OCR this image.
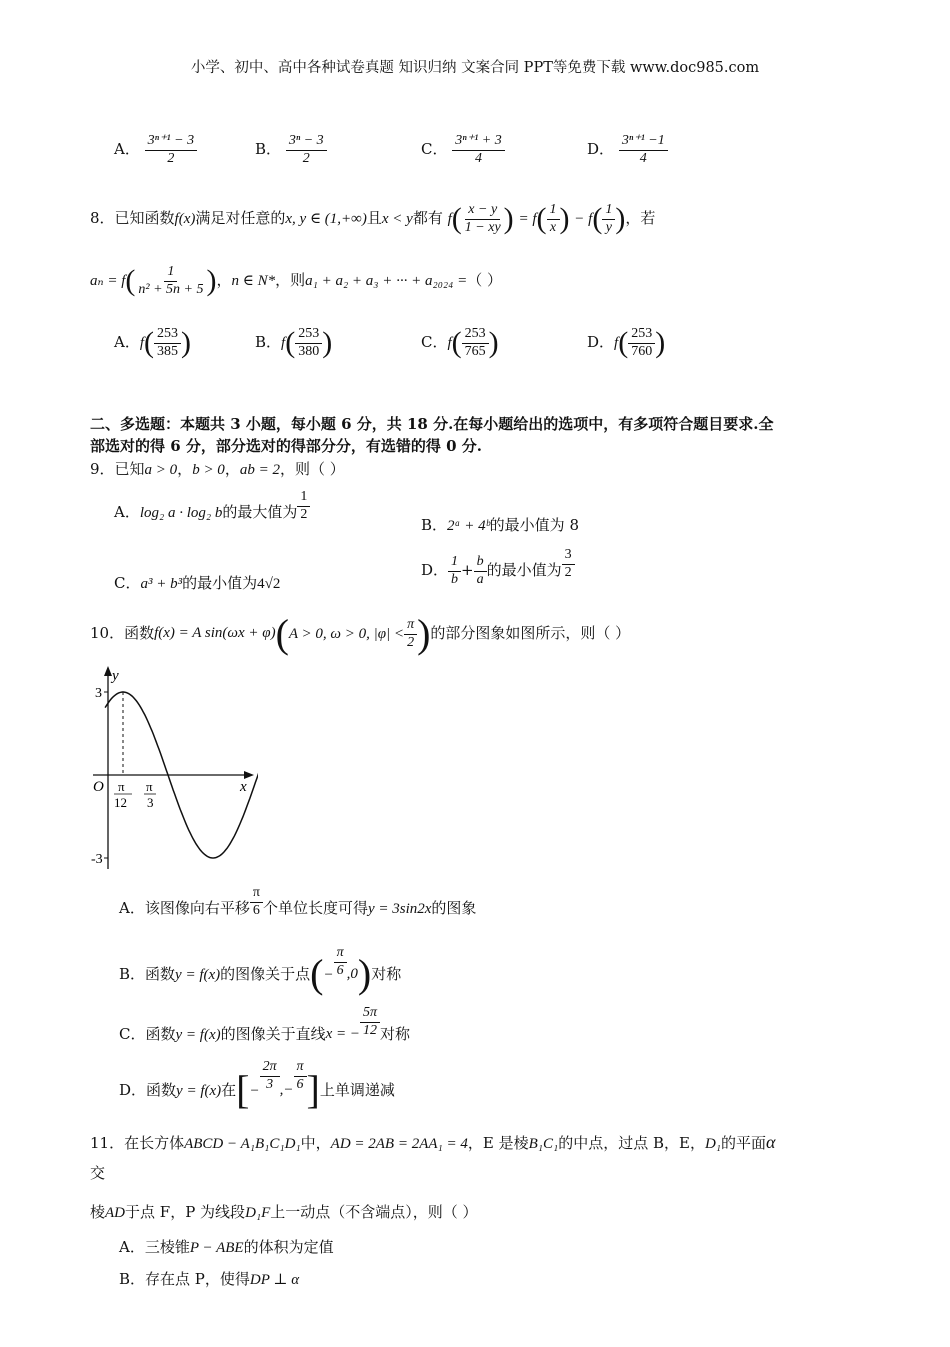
小学、初中、高中各种试卷真题 知识归纳 文案合同 PPT等免费下载 www.doc985.com
A． $\frac{\text{3ⁿ⁺¹ − 3}}{2}$	B． $\frac{\text{3ⁿ − 3}}{2}$	C． $\frac{\text{3ⁿ⁺¹ + 3}}{4}$	D． $\frac{\text{3ⁿ⁺¹ −1}}{4}$
8．已知函数f(x)满足对任意的x, y ∈ (1,+∞)且x < y都有 $f( \frac{x - y}{1 - xy}$ ) = $f( \frac{1}{x}$ ) − $f( \frac{1}{y}$ )，若
$a_n = f( \frac{1}{\text{n² + 5n + 5}}$ )，n ∈ N*，则a₁ + a₂ + a₃ + ··· + a₂₀₂₄ =（ ）
A．$f( \frac{253}{385}$ )	B．$f( \frac{253}{380}$ )	C．$f( \frac{253}{765}$ )	D．$f( \frac{253}{760}$ )
二、多选题：本题共 3 小题，每小题 6 分，共 18 分.在每小题给出的选项中，有多项符合题目要求.全
部选对的得 6 分，部分选对的得部分分，有选错的得 0 分.
9．已知a > 0，b > 0，ab = 2，则（ ）
A．log₂ a · log₂ b的最大值为 $\frac{1}{2}$
B．2ᵃ + 4ᵇ的最小值为 8
C．a³ + b³的最小值为4√2
D． $\frac{1}{b} + \frac{b}{a}$ 的最小值为 $\frac{3}{2}$
10．函数f(x) = A sin(ωx + φ)(A > 0, ω > 0, $|\varphi| < \frac{\pi}{2}$ )的部分图象如图所示，则（ ）
y
x
O
3
-3
π
12
π
3
A．该图像向右平移 $\frac{\pi}{6}$ 个单位长度可得y = 3sin2x的图象
B．函数y = f(x)的图像关于点(− $\frac{\pi}{6} ,0$)对称
C．函数y = f(x)的图像关于直线x = − $\frac{5\pi}{12}$ 对称
D．函数y = f(x)在[− $\frac{2\pi}{3}$ ,− $\frac{\pi}{6}$ ]上单调递减
11．在长方体ABCD − A₁B₁C₁D₁中，AD = 2AB = 2AA₁ = 4，E 是棱B₁C₁的中点，过点 B，E，D₁的平面α
交
棱AD于点 F，P 为线段D₁F上一动点（不含端点），则（ ）
A．三棱锥P − ABE的体积为定值
B．存在点 P，使得DP ⊥ α
